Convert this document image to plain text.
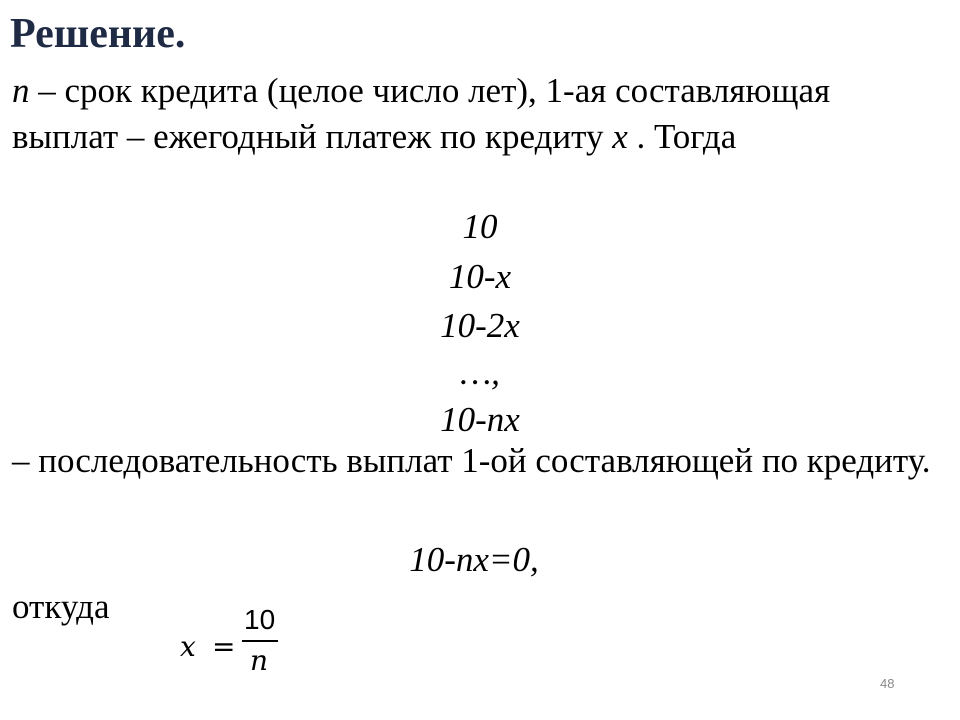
Решение.
n – срок кредита (целое число лет), 1-ая составляющая выплат – ежегодный платеж по кредиту x . Тогда
10
10-x
10-2x
…,
10-nx
– последовательность выплат 1-ой составляющей по кредиту.
10-nx=0,
откуда
x =
10
n
48
